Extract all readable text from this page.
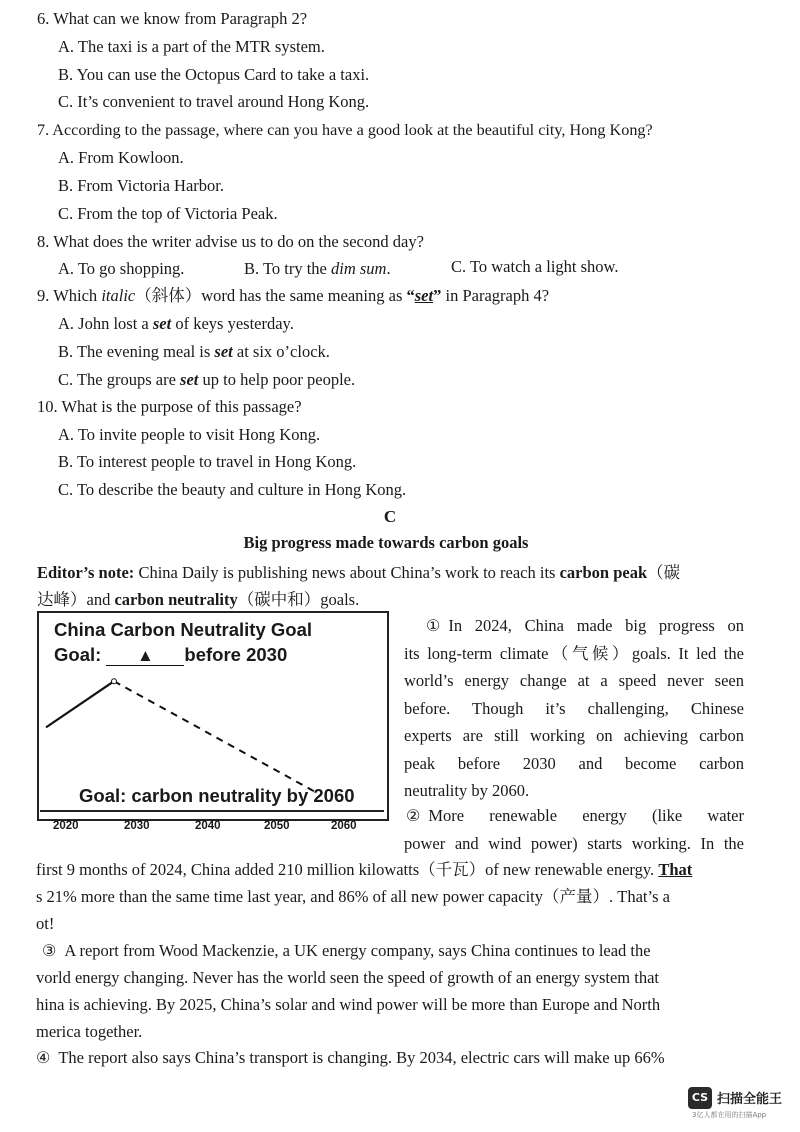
6. What can we know from Paragraph 2?
A. The taxi is a part of the MTR system.
B. You can use the Octopus Card to take a taxi.
C. It’s convenient to travel around Hong Kong.
7. According to the passage, where can you have a good look at the beautiful city, Hong Kong?
A. From Kowloon.
B. From Victoria Harbor.
C. From the top of Victoria Peak.
8. What does the writer advise us to do on the second day?
A. To go shopping.	B. To try the dim sum.	C. To watch a light show.
9. Which italic（斜体）word has the same meaning as “set” in Paragraph 4?
A. John lost a set of keys yesterday.
B. The evening meal is set at six o’clock.
C. The groups are set up to help poor people.
10. What is the purpose of this passage?
A. To invite people to visit Hong Kong.
B. To interest people to travel in Hong Kong.
C. To describe the beauty and culture in Hong Kong.
C
Big progress made towards carbon goals
Editor’s note: China Daily is publishing news about China’s work to reach its carbon peak（碳
达峰）and carbon neutrality（碳中和）goals.
China Carbon Neutrality Goal
Goal: ▲ before 2030
Goal: carbon neutrality by 2060
2020	2030	2040	2050	2060
① In 2024, China made big progress on
its long-term climate（气候）goals. It led the
world’s energy change at a speed never seen
before. Though it’s challenging, Chinese
experts are still working on achieving carbon
peak before 2030 and become carbon
neutrality by 2060.
② More renewable energy (like water
power and wind power) starts working. In the
first 9 months of 2024, China added 210 million kilowatts（千瓦）of new renewable energy. That
s 21% more than the same time last year, and 86% of all new power capacity（产量）. That’s a
ot!
③ A report from Wood Mackenzie, a UK energy company, says China continues to lead the
vorld energy changing. Never has the world seen the speed of growth of an energy system that
hina is achieving. By 2025, China’s solar and wind power will be more than Europe and North
merica together.
④ The report also says China’s transport is changing. By 2034, electric cars will make up 66%
CS 扫描全能王
3亿人都在用的扫描App
